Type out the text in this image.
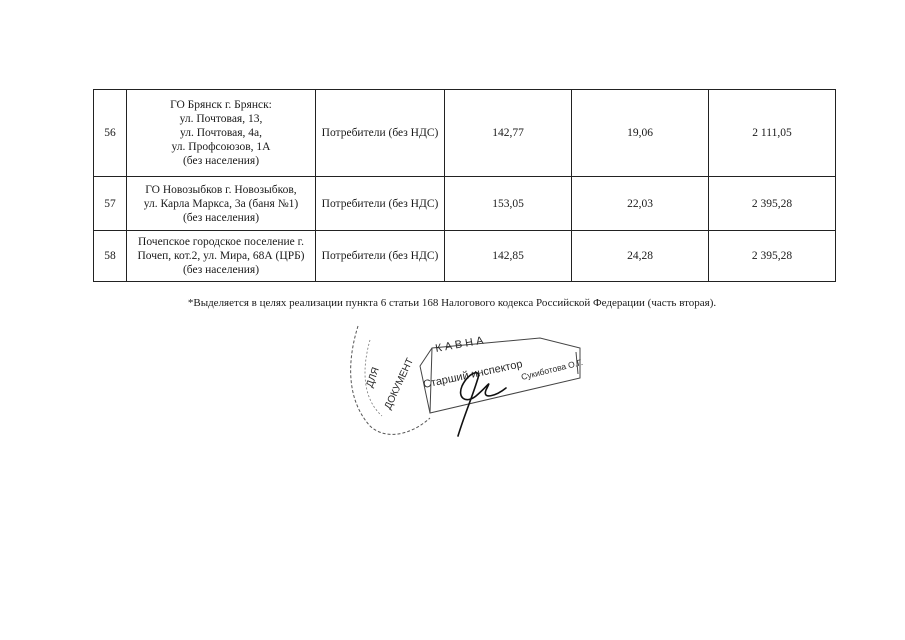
56	ГО Брянск г. Брянск:
ул. Почтовая, 13,
ул. Почтовая, 4а,
ул. Профсоюзов, 1А
(без населения)	Потребители (без НДС)	142,77	19,06	2 111,05
57	ГО Новозыбков г. Новозыбков,
ул. Карла Маркса, 3а (баня №1)
(без населения)	Потребители (без НДС)	153,05	22,03	2 395,28
58	Почепское городское поселение г.
Почеп, кот.2, ул. Мира, 68А (ЦРБ)
(без населения)	Потребители (без НДС)	142,85	24,28	2 395,28
*Выделяется в целях реализации пункта 6 статьи 168 Налогового кодекса Российской Федерации (часть вторая).
ДЛЯ ДОКУМЕНТ
К А В Н А
Старший инспектор
Сукиботова О.Г.
